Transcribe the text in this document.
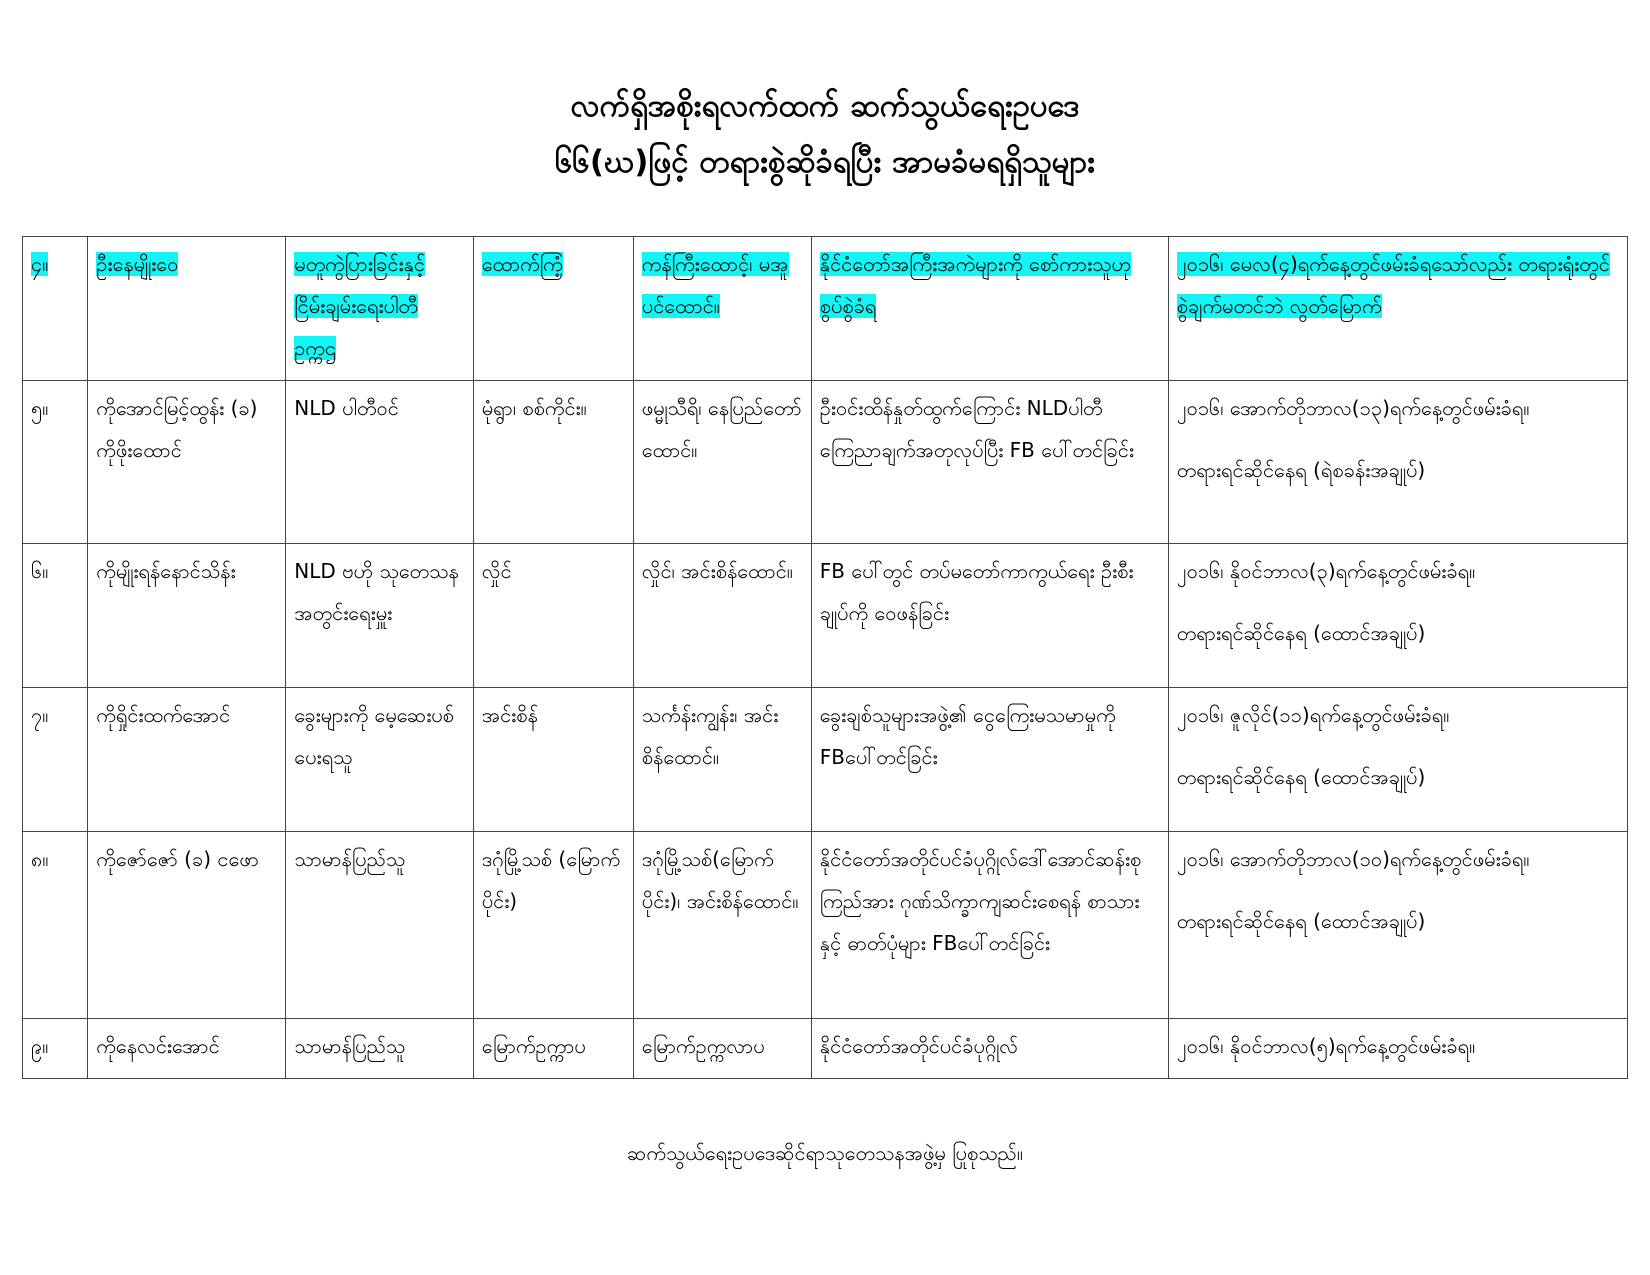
လက်ရှိအစိုးရလက်ထက် ဆက်သွယ်ရေးဥပဒေ
၆၆(ဃ)ဖြင့် တရားစွဲဆိုခံရပြီး အာမခံမရရှိသူများ
၄။	ဦးနေမျိုးဝေ	မတူကွဲပြားခြင်းနှင့် ငြိမ်းချမ်းရေးပါတီ ဥက္ကဌ	ထောက်ကြံ့	ကန်ကြီးထောင့်၊ မအူပင်ထောင်။	နိုင်ငံတော်အကြီးအကဲများကို စော်ကားသူဟု စွပ်စွဲခံရ	၂၀၁၆၊ မေလ(၄)ရက်နေ့တွင်ဖမ်းခံရသော်လည်း တရားရုံးတွင် စွဲချက်မတင်ဘဲ လွတ်မြောက်

၅။	ကိုအောင်မြင့်ထွန်း (ခ) ကိုဖိုးထောင်	NLD ပါတီဝင်	မုံရွာ၊ စစ်ကိုင်း။	ဖမ္မုသီရိ၊ နေပြည်တော်ထောင်။	ဦးဝင်းထိန်နှုတ်ထွက်ကြောင်း NLDပါတီကြေညာချက်အတုလုပ်ပြီး FB ပေါ်တင်ခြင်း	၂၀၁၆၊ အောက်တိုဘာလ(၁၃)ရက်နေ့တွင်ဖမ်းခံရ။
တရားရင်ဆိုင်နေရ (ရဲစခန်းအချုပ်)

၆။	ကိုမျိုးရန်နောင်သိန်း	NLD ဗဟို သုတေသန အတွင်းရေးမှူး	လှိုင်	လှိုင်၊ အင်းစိန်ထောင်။	FB ပေါ်တွင် တပ်မတော်ကာကွယ်ရေး ဦးစီးချုပ်ကို ဝေဖန်ခြင်း	၂၀၁၆၊ နိုဝင်ဘာလ(၃)ရက်နေ့တွင်ဖမ်းခံရ။
တရားရင်ဆိုင်နေရ (ထောင်အချုပ်)

၇။	ကိုရှိုင်းထက်အောင်	ခွေးများကို မေ့ဆေးပစ်ပေးရသူ	အင်းစိန်	သင်္ကန်းကျွန်း၊ အင်းစိန်ထောင်။	ခွေးချစ်သူများအဖွဲ့၏ ငွေကြေးမသမာမှုကို FBပေါ်တင်ခြင်း	၂၀၁၆၊ ဇူလိုင်(၁၁)ရက်နေ့တွင်ဖမ်းခံရ။
တရားရင်ဆိုင်နေရ (ထောင်အချုပ်)

၈။	ကိုဇော်ဇော် (ခ) ငဖော	သာမာန်ပြည်သူ	ဒဂုံမြို့သစ် (မြောက်ပိုင်း)	ဒဂုံမြို့သစ်(မြောက်ပိုင်း)၊ အင်းစိန်ထောင်။	နိုင်ငံတော်အတိုင်ပင်ခံပုဂ္ဂိုလ်ဒေါ်အောင်ဆန်းစုကြည်အား ဂုဏ်သိက္ခာကျဆင်းစေရန် စာသားနှင့် ဓာတ်ပုံများ FBပေါ်တင်ခြင်း	၂၀၁၆၊ အောက်တိုဘာလ(၁၀)ရက်နေ့တွင်ဖမ်းခံရ။
တရားရင်ဆိုင်နေရ (ထောင်အချုပ်)

၉။	ကိုနေလင်းအောင်	သာမာန်ပြည်သူ	မြောက်ဥက္ကာပ	မြောက်ဥက္ကလာပ	နိုင်ငံတော်အတိုင်ပင်ခံပုဂ္ဂိုလ်	၂၀၁၆၊ နိုဝင်ဘာလ(၅)ရက်နေ့တွင်ဖမ်းခံရ။
ဆက်သွယ်ရေးဥပဒေဆိုင်ရာသုတေသနအဖွဲ့မှ ပြုစုသည်။
